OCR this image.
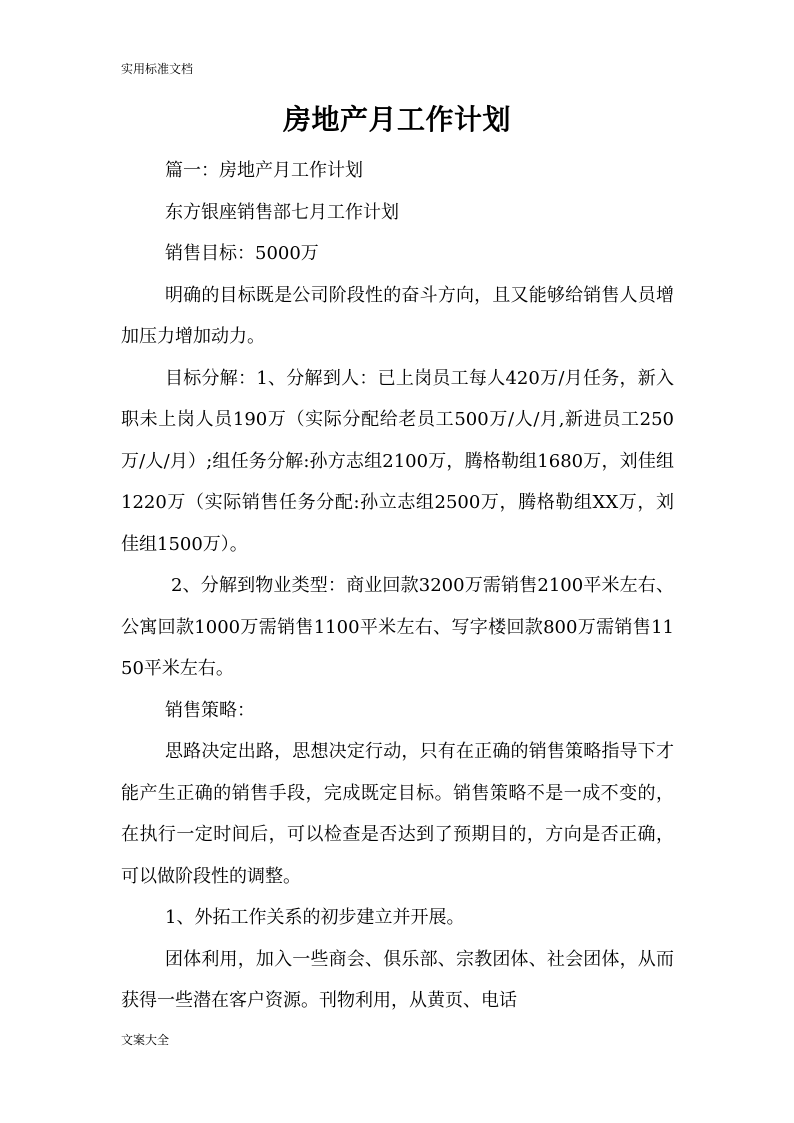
实用标准文档
房地产月工作计划

篇一：房地产月工作计划

东方银座销售部七月工作计划

销售目标：5000万

明确的目标既是公司阶段性的奋斗方向，且又能够给销售人员增加压力增加动力。

目标分解：1、分解到人：已上岗员工每人420万/月任务，新入职未上岗人员190万（实际分配给老员工500万/人/月,新进员工250万/人/月）;组任务分解:孙方志组2100万，腾格勒组1680万，刘佳组1220万（实际销售任务分配:孙立志组2500万，腾格勒组XX万，刘佳组1500万）。

2、分解到物业类型：商业回款3200万需销售2100平米左右、公寓回款1000万需销售1100平米左右、写字楼回款800万需销售1150平米左右。

销售策略：

思路决定出路，思想决定行动，只有在正确的销售策略指导下才能产生正确的销售手段，完成既定目标。销售策略不是一成不变的，在执行一定时间后，可以检查是否达到了预期目的，方向是否正确，可以做阶段性的调整。

1、外拓工作关系的初步建立并开展。

团体利用，加入一些商会、俱乐部、宗教团体、社会团体，从而获得一些潜在客户资源。刊物利用，从黄页、电话

文案大全
